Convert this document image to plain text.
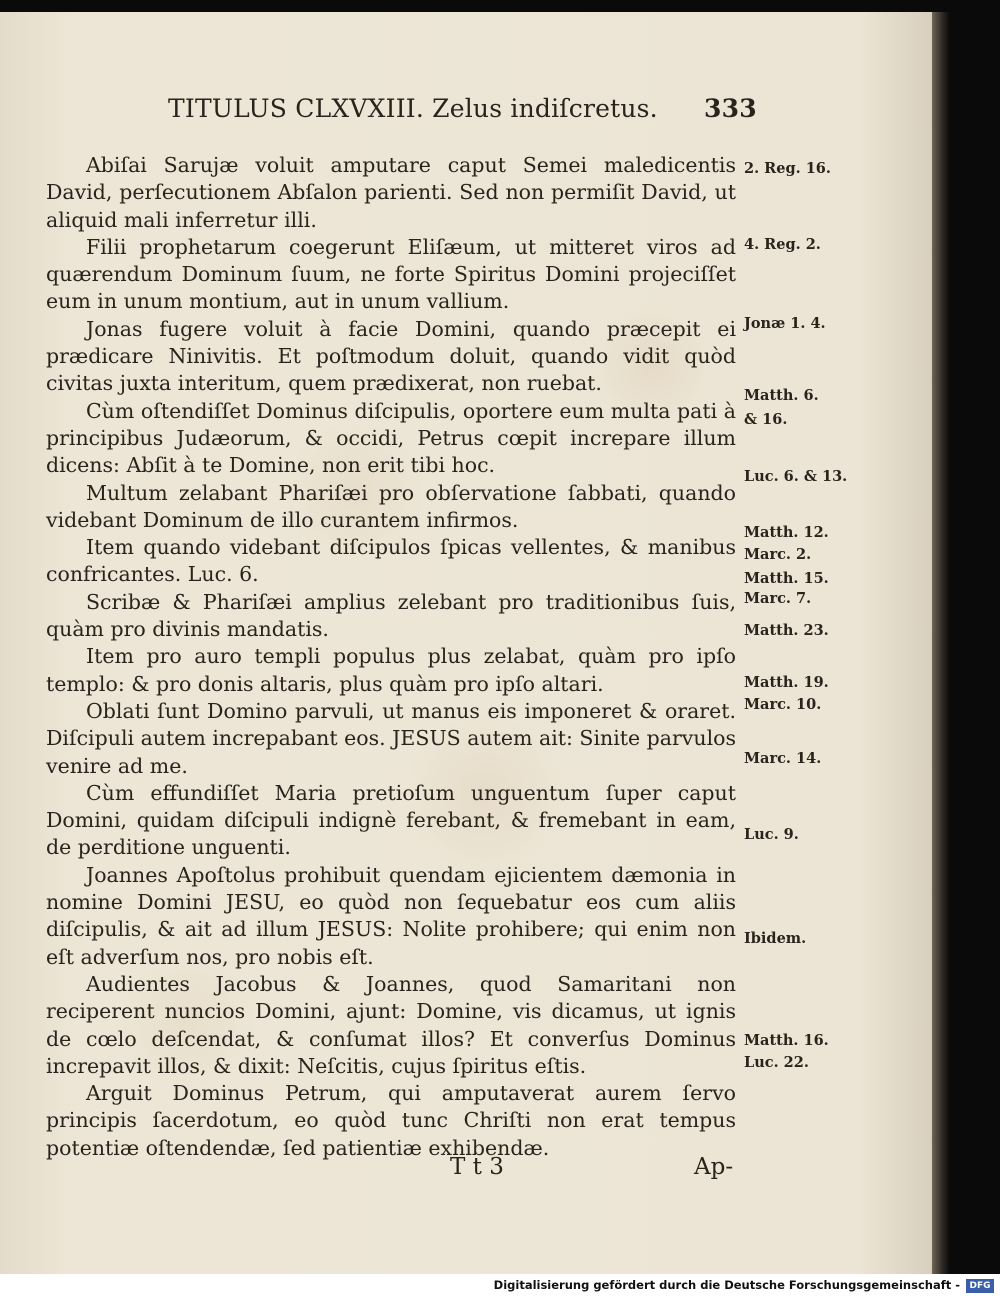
TITULUS CLXVXIII. Zelus indiſcretus. 333

Abiſai Sarujæ voluit amputare caput Semei maledicentis David, perſecutionem Abſalon parienti. Sed non permiſit David, ut aliquid mali inferretur illi.

Filii prophetarum coegerunt Eliſæum, ut mitteret viros ad quærendum Dominum ſuum, ne forte Spiritus Domini projeciſſet eum in unum montium, aut in unum vallium.

Jonas fugere voluit à facie Domini, quando præcepit ei prædicare Ninivitis. Et poſtmodum doluit, quando vidit quòd civitas juxta interitum, quem prædixerat, non ruebat.

Cùm oſtendiſſet Dominus diſcipulis, oportere eum multa pati à principibus Judæorum, & occidi, Petrus cœpit increpare illum dicens: Abſit à te Domine, non erit tibi hoc.

Multum zelabant Phariſæi pro obſervatione ſabbati, quando videbant Dominum de illo curantem infirmos.

Item quando videbant diſcipulos ſpicas vellentes, & manibus confricantes. Luc. 6.

Scribæ & Phariſæi amplius zelebant pro traditionibus ſuis, quàm pro divinis mandatis.

Item pro auro templi populus plus zelabat, quàm pro ipſo templo: & pro donis altaris, plus quàm pro ipſo altari.

Oblati ſunt Domino parvuli, ut manus eis imponeret & oraret. Diſcipuli autem increpabant eos. JESUS autem ait: Sinite parvulos venire ad me.

Cùm effundiſſet Maria pretioſum unguentum ſuper caput Domini, quidam diſcipuli indignè ferebant, & fremebant in eam, de perditione unguenti.

Joannes Apoſtolus prohibuit quendam ejicientem dæmonia in nomine Domini JESU, eo quòd non ſequebatur eos cum aliis diſcipulis, & ait ad illum JESUS: Nolite prohibere; qui enim non eſt adverſum nos, pro nobis eſt.

Audientes Jacobus & Joannes, quod Samaritani non reciperent nuncios Domini, ajunt: Domine, vis dicamus, ut ignis de cœlo deſcendat, & conſumat illos? Et converſus Dominus increpavit illos, & dixit: Neſcitis, cujus ſpiritus eſtis.

Arguit Dominus Petrum, qui amputaverat aurem ſervo principis ſacerdotum, eo quòd tunc Chriſti non erat tempus potentiæ oſtendendæ, ſed patientiæ exhibendæ.

2. Reg. 16.
4. Reg. 2.
Jonæ 1. 4.
Matth. 6.
& 16.
Luc. 6. & 13.
Matth. 12.
Marc. 2.
Matth. 15.
Marc. 7.
Matth. 23.
Matth. 19.
Marc. 10.
Marc. 14.
Luc. 9.
Ibidem.
Matth. 16.
Luc. 22.
T t 3	Ap-
Digitalisierung gefördert durch die Deutsche Forschungsgemeinschaft -	DFG
